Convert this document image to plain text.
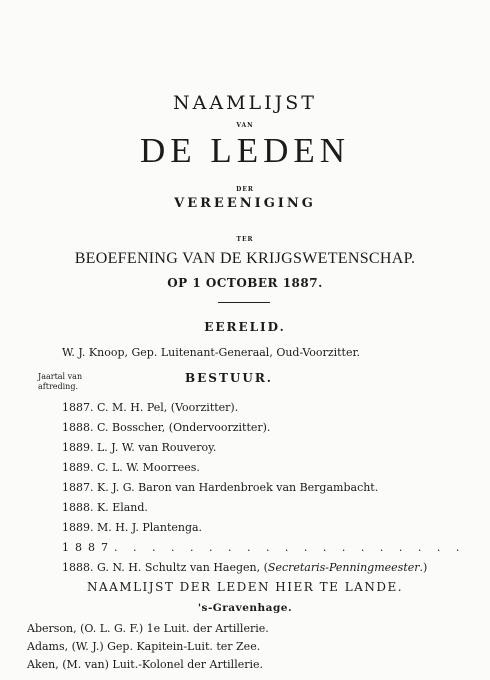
NAAMLIJST
VAN
DE LEDEN
DER
VEREENIGING
TER
BEOEFENING VAN DE KRIJGSWETENSCHAP.
OP 1 OCTOBER 1887.
EERELID.
W. J. Knoop, Gep. Luitenant-Generaal, Oud-Voorzitter.
Jaartal van
aftreding.
BESTUUR.
1887. C. M. H. Pel, (Voorzitter).
1888. C. Bosscher, (Ondervoorzitter).
1889. L. J. W. van Rouveroy.
1889. C. L. W. Moorrees.
1887. K. J. G. Baron van Hardenbroek van Bergambacht.
1888. K. Eland.
1889. M. H. J. Plantenga.
1887. . . . . . . . . . . . . . . . . . .
1888. G. N. H. Schultz van Haegen, (Secretaris-Penningmeester.)
NAAMLIJST DER LEDEN HIER TE LANDE.
's-Gravenhage.
Aberson, (O. L. G. F.) 1e Luit. der Artillerie.
Adams, (W. J.) Gep. Kapitein-Luit. ter Zee.
Aken, (M. van) Luit.-Kolonel der Artillerie.
